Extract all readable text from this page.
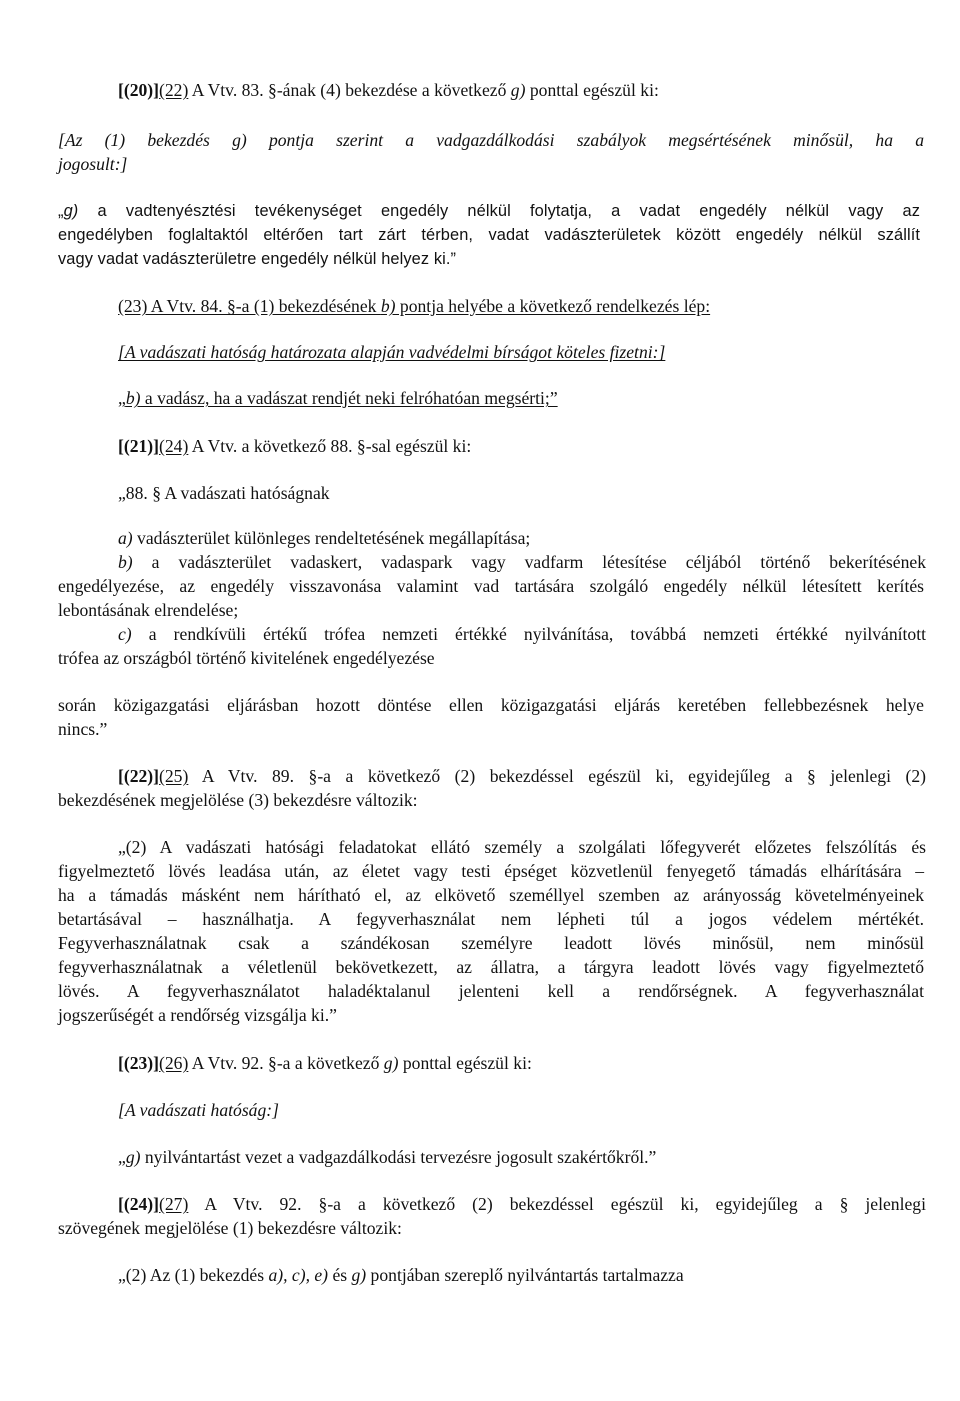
[(20)](22) A Vtv. 83. §-ának (4) bekezdése a következő g) ponttal egészül ki:
[Az (1) bekezdés g) pontja szerint a vadgazdálkodási szabályok megsértésének minősül, ha a
jogosult:]
„g) a vadtenyésztési tevékenységet engedély nélkül folytatja, a vadat engedély nélkül vagy az
engedélyben foglaltaktól eltérően tart zárt térben, vadat vadászterületek között engedély nélkül szállít
vagy vadat vadászterületre engedély nélkül helyez ki.”
(23) A Vtv. 84. §-a (1) bekezdésének b) pontja helyébe a következő rendelkezés lép:
[A vadászati hatóság határozata alapján vadvédelmi bírságot köteles fizetni:]
„b) a vadász, ha a vadászat rendjét neki felróhatóan megsérti;”
[(21)](24) A Vtv. a következő 88. §-sal egészül ki:
„88. § A vadászati hatóságnak
a) vadászterület különleges rendeltetésének megállapítása;
b) a vadászterület vadaskert, vadaspark vagy vadfarm létesítése céljából történő bekerítésének
engedélyezése, az engedély visszavonása valamint vad tartására szolgáló engedély nélkül létesített kerítés
lebontásának elrendelése;
c) a rendkívüli értékű trófea nemzeti értékké nyilvánítása, továbbá nemzeti értékké nyilvánított
trófea az országból történő kivitelének engedélyezése
során közigazgatási eljárásban hozott döntése ellen közigazgatási eljárás keretében fellebbezésnek helye
nincs.”
[(22)](25) A Vtv. 89. §-a a következő (2) bekezdéssel egészül ki, egyidejűleg a § jelenlegi (2)
bekezdésének megjelölése (3) bekezdésre változik:
„(2) A vadászati hatósági feladatokat ellátó személy a szolgálati lőfegyverét előzetes felszólítás és
figyelmeztető lövés leadása után, az életet vagy testi épséget közvetlenül fenyegető támadás elhárítására –
ha a támadás másként nem hárítható el, az elkövető személlyel szemben az arányosság követelményeinek
betartásával – használhatja. A fegyverhasználat nem lépheti túl a jogos védelem mértékét.
Fegyverhasználatnak csak a szándékosan személyre leadott lövés minősül, nem minősül
fegyverhasználatnak a véletlenül bekövetkezett, az állatra, a tárgyra leadott lövés vagy figyelmeztető
lövés. A fegyverhasználatot haladéktalanul jelenteni kell a rendőrségnek. A fegyverhasználat
jogszerűségét a rendőrség vizsgálja ki.”
[(23)](26) A Vtv. 92. §-a a következő g) ponttal egészül ki:
[A vadászati hatóság:]
„g) nyilvántartást vezet a vadgazdálkodási tervezésre jogosult szakértőkről.”
[(24)](27) A Vtv. 92. §-a a következő (2) bekezdéssel egészül ki, egyidejűleg a § jelenlegi
szövegének megjelölése (1) bekezdésre változik:
„(2) Az (1) bekezdés a), c), e) és g) pontjában szereplő nyilvántartás tartalmazza
